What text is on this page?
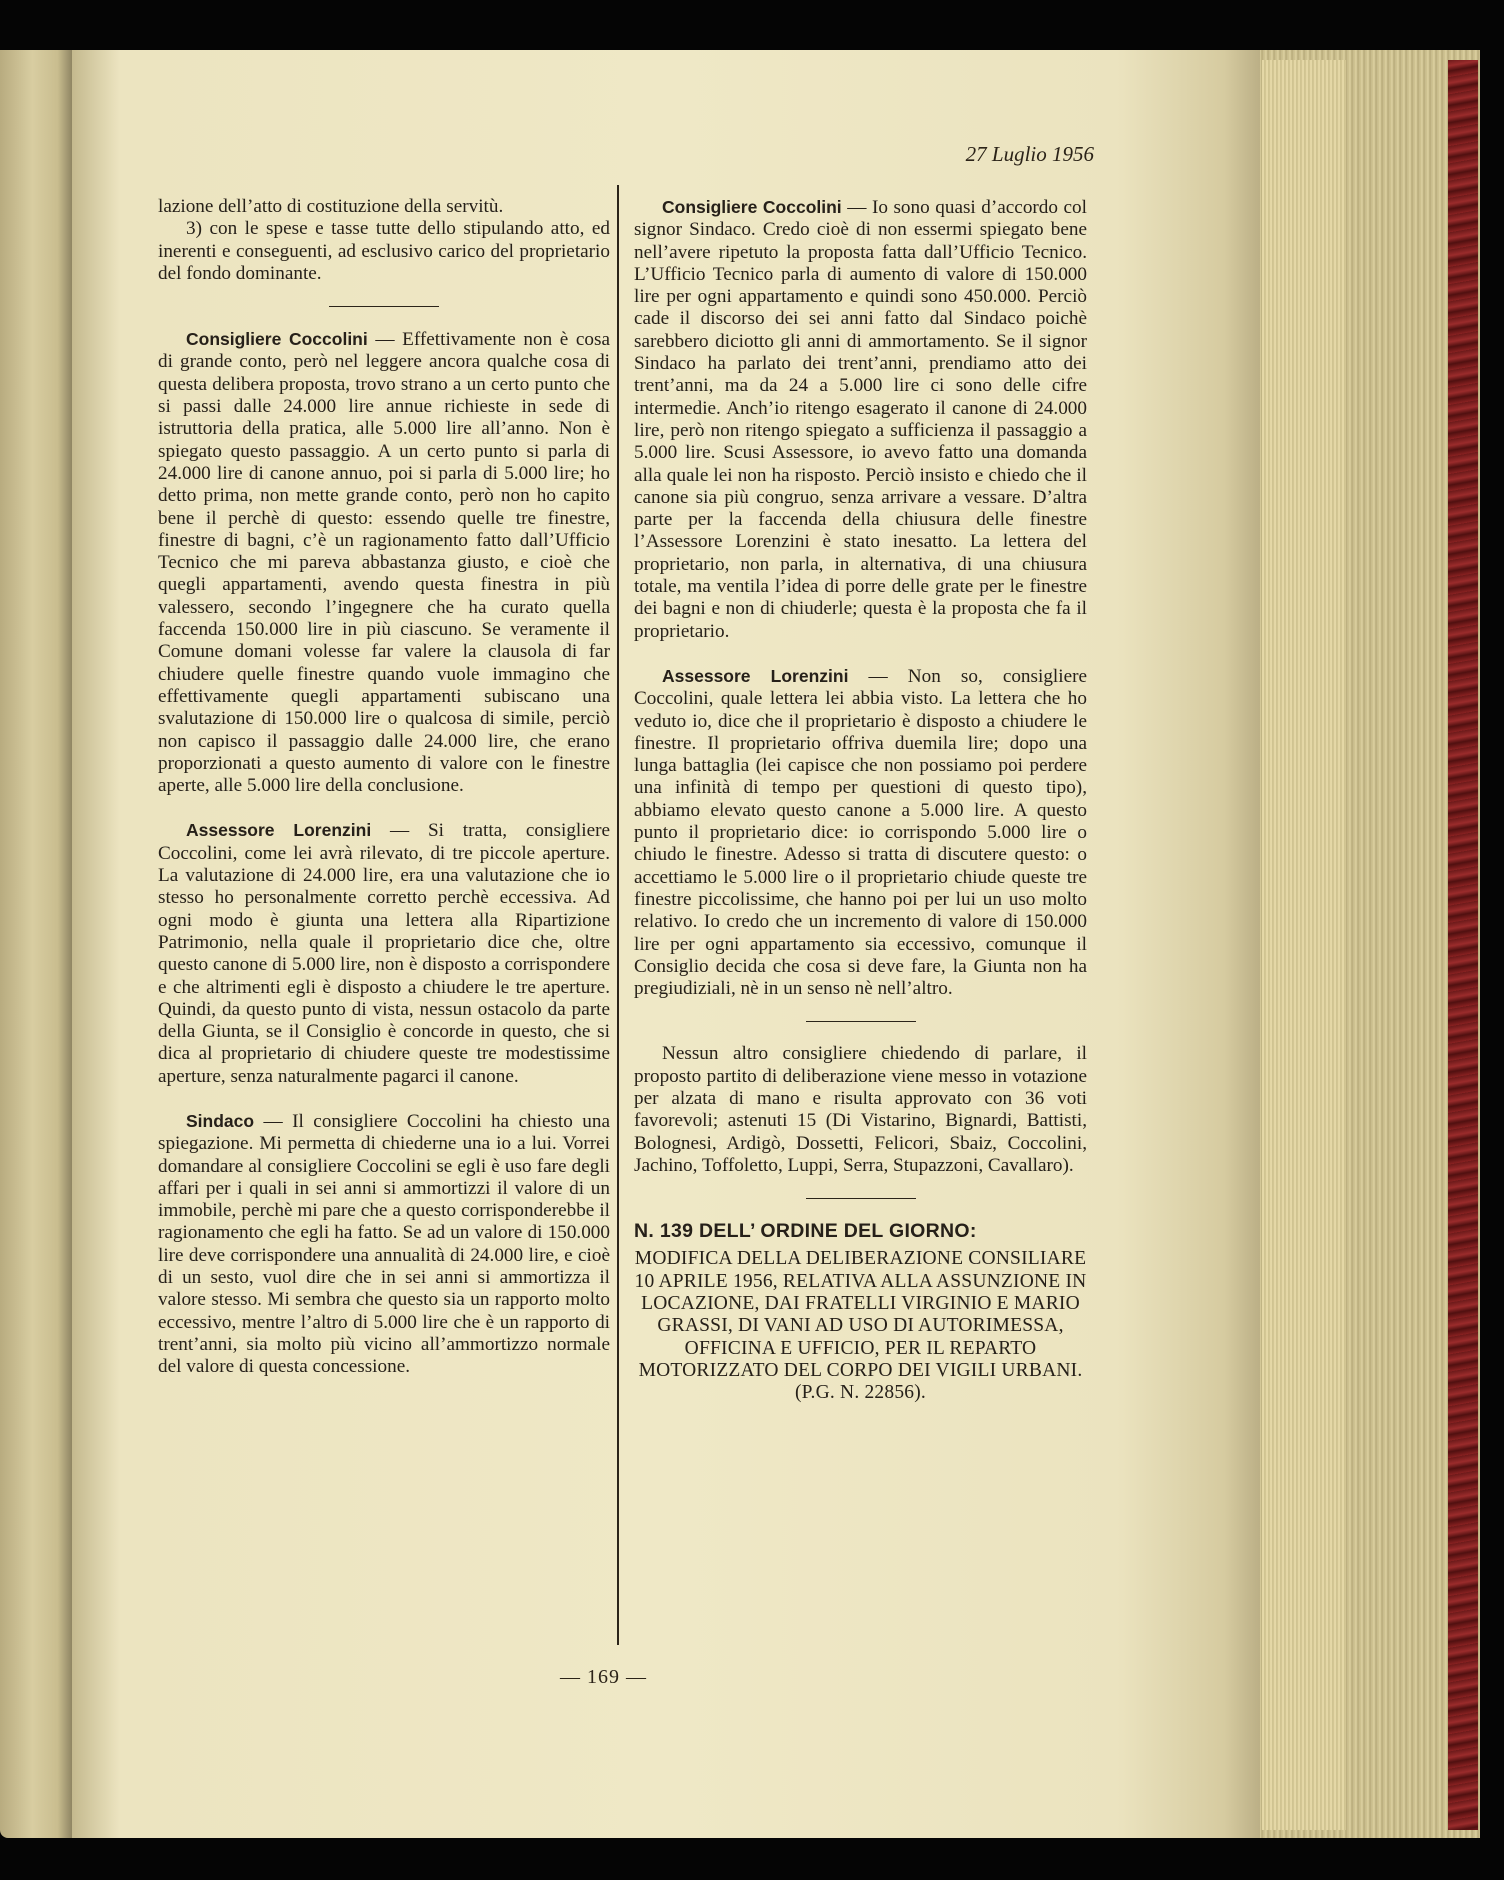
27 Luglio 1956

lazione dell’atto di costituzione della servitù.

3) con le spese e tasse tutte dello stipulando atto, ed inerenti e conseguenti, ad esclusivo carico del proprietario del fondo dominante.

Consigliere Coccolini — Effettivamente non è cosa di grande conto, però nel leggere ancora qualche cosa di questa delibera proposta, trovo strano a un certo punto che si passi dalle 24.000 lire annue richieste in sede di istruttoria della pratica, alle 5.000 lire all’anno. Non è spiegato questo passaggio. A un certo punto si parla di 24.000 lire di canone annuo, poi si parla di 5.000 lire; ho detto prima, non mette grande conto, però non ho capito bene il perchè di questo: essendo quelle tre finestre, finestre di bagni, c’è un ragionamento fatto dall’Ufficio Tecnico che mi pareva abbastanza giusto, e cioè che quegli appartamenti, avendo questa finestra in più valessero, secondo l’ingegnere che ha curato quella faccenda 150.000 lire in più ciascuno. Se veramente il Comune domani volesse far valere la clausola di far chiudere quelle finestre quando vuole immagino che effettivamente quegli appartamenti subiscano una svalutazione di 150.000 lire o qualcosa di simile, perciò non capisco il passaggio dalle 24.000 lire, che erano proporzionati a questo aumento di valore con le finestre aperte, alle 5.000 lire della conclusione.

Assessore Lorenzini — Si tratta, consigliere Coccolini, come lei avrà rilevato, di tre piccole aperture. La valutazione di 24.000 lire, era una valutazione che io stesso ho personalmente corretto perchè eccessiva. Ad ogni modo è giunta una lettera alla Ripartizione Patrimonio, nella quale il proprietario dice che, oltre questo canone di 5.000 lire, non è disposto a corrispondere e che altrimenti egli è disposto a chiudere le tre aperture. Quindi, da questo punto di vista, nessun ostacolo da parte della Giunta, se il Consiglio è concorde in questo, che si dica al proprietario di chiudere queste tre modestissime aperture, senza naturalmente pagarci il canone.

Sindaco — Il consigliere Coccolini ha chiesto una spiegazione. Mi permetta di chiederne una io a lui. Vorrei domandare al consigliere Coccolini se egli è uso fare degli affari per i quali in sei anni si ammortizzi il valore di un immobile, perchè mi pare che a questo corrisponderebbe il ragionamento che egli ha fatto. Se ad un valore di 150.000 lire deve corrispondere una annualità di 24.000 lire, e cioè di un sesto, vuol dire che in sei anni si ammortizza il valore stesso. Mi sembra che questo sia un rapporto molto eccessivo, mentre l’altro di 5.000 lire che è un rapporto di trent’anni, sia molto più vicino all’ammortizzo normale del valore di questa concessione.

Consigliere Coccolini — Io sono quasi d’accordo col signor Sindaco. Credo cioè di non essermi spiegato bene nell’avere ripetuto la proposta fatta dall’Ufficio Tecnico. L’Ufficio Tecnico parla di aumento di valore di 150.000 lire per ogni appartamento e quindi sono 450.000. Perciò cade il discorso dei sei anni fatto dal Sindaco poichè sarebbero diciotto gli anni di ammortamento. Se il signor Sindaco ha parlato dei trent’anni, prendiamo atto dei trent’anni, ma da 24 a 5.000 lire ci sono delle cifre intermedie. Anch’io ritengo esagerato il canone di 24.000 lire, però non ritengo spiegato a sufficienza il passaggio a 5.000 lire. Scusi Assessore, io avevo fatto una domanda alla quale lei non ha risposto. Perciò insisto e chiedo che il canone sia più congruo, senza arrivare a vessare. D’altra parte per la faccenda della chiusura delle finestre l’Assessore Lorenzini è stato inesatto. La lettera del proprietario, non parla, in alternativa, di una chiusura totale, ma ventila l’idea di porre delle grate per le finestre dei bagni e non di chiuderle; questa è la proposta che fa il proprietario.

Assessore Lorenzini — Non so, consigliere Coccolini, quale lettera lei abbia visto. La lettera che ho veduto io, dice che il proprietario è disposto a chiudere le finestre. Il proprietario offriva duemila lire; dopo una lunga battaglia (lei capisce che non possiamo poi perdere una infinità di tempo per questioni di questo tipo), abbiamo elevato questo canone a 5.000 lire. A questo punto il proprietario dice: io corrispondo 5.000 lire o chiudo le finestre. Adesso si tratta di discutere questo: o accettiamo le 5.000 lire o il proprietario chiude queste tre finestre piccolissime, che hanno poi per lui un uso molto relativo. Io credo che un incremento di valore di 150.000 lire per ogni appartamento sia eccessivo, comunque il Consiglio decida che cosa si deve fare, la Giunta non ha pregiudiziali, nè in un senso nè nell’altro.

Nessun altro consigliere chiedendo di parlare, il proposto partito di deliberazione viene messo in votazione per alzata di mano e risulta approvato con 36 voti favorevoli; astenuti 15 (Di Vistarino, Bignardi, Battisti, Bolognesi, Ardigò, Dossetti, Felicori, Sbaiz, Coccolini, Jachino, Toffoletto, Luppi, Serra, Stupazzoni, Cavallaro).

N. 139 DELL’ ORDINE DEL GIORNO:

MODIFICA DELLA DELIBERAZIONE CONSILIARE 10 APRILE 1956, RELATIVA ALLA ASSUNZIONE IN LOCAZIONE, DAI FRATELLI VIRGINIO E MARIO GRASSI, DI VANI AD USO DI AUTORIMESSA, OFFICINA E UFFICIO, PER IL REPARTO MOTORIZZATO DEL CORPO DEI VIGILI URBANI.
(P.G. N. 22856).
— 169 —
